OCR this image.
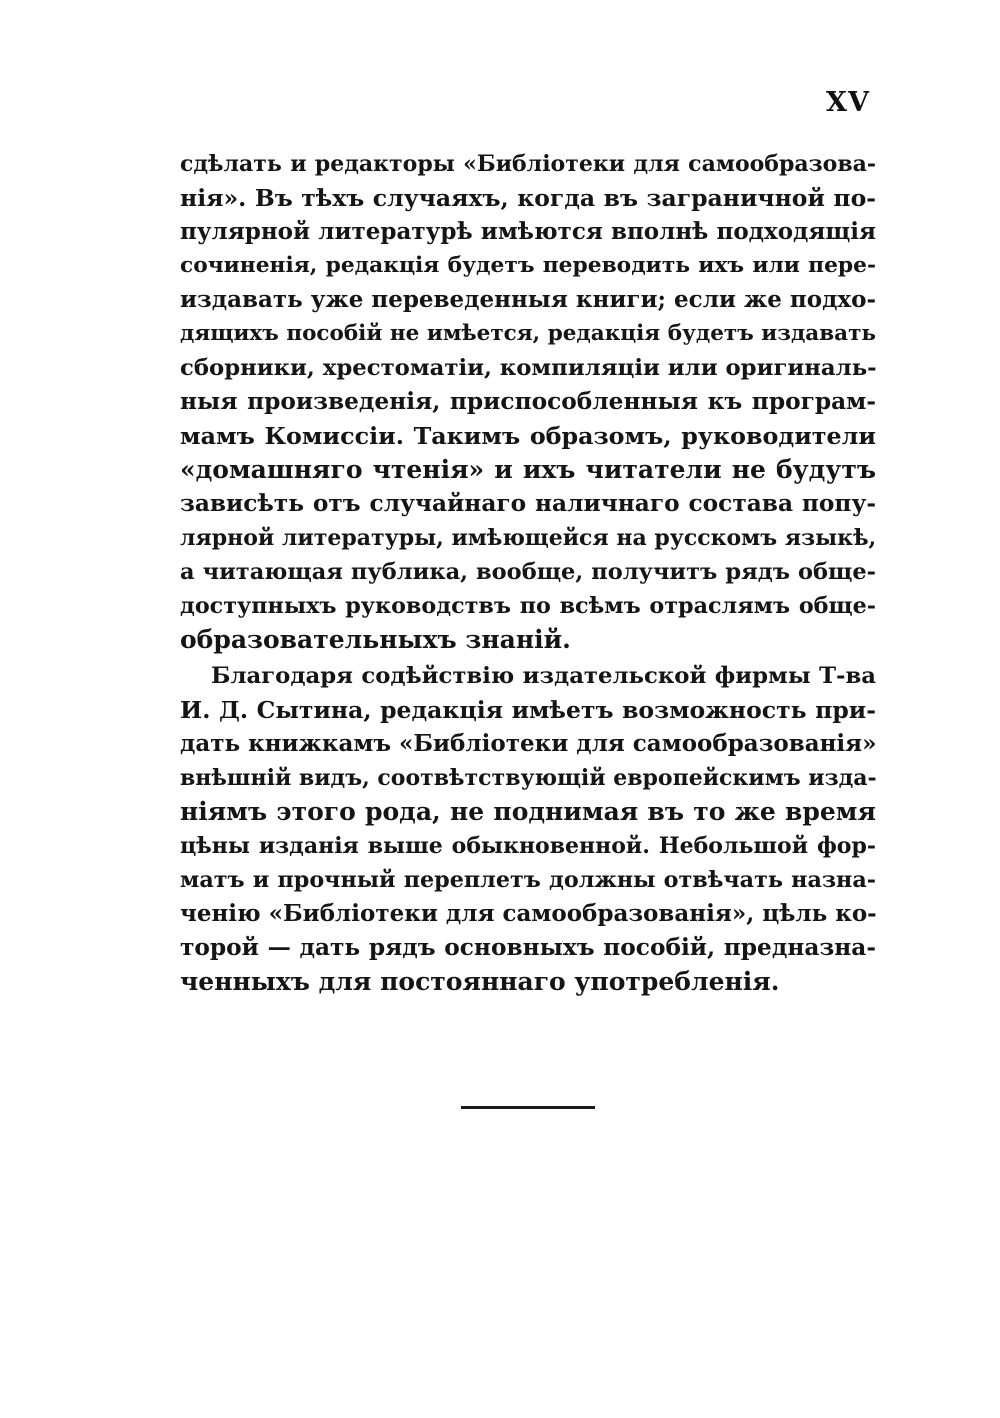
XV
сдѣлать и редакторы «Библіотеки для самообразова-
нія». Въ тѣхъ случаяхъ, когда въ заграничной по-
пулярной литературѣ имѣются вполнѣ подходящія
сочиненія, редакція будетъ переводить ихъ или пере-
издавать уже переведенныя книги; если же подхо-
дящихъ пособій не имѣется, редакція будетъ издавать
сборники, хрестоматіи, компиляціи или оригиналь-
ныя произведенія, приспособленныя къ програм-
мамъ Комиссіи. Такимъ образомъ, руководители
«домашняго чтенія» и ихъ читатели не будутъ
зависѣть отъ случайнаго наличнаго состава попу-
лярной литературы, имѣющейся на русскомъ языкѣ,
а читающая публика, вообще, получитъ рядъ обще-
доступныхъ руководствъ по всѣмъ отраслямъ обще-
образовательныхъ знаній.
Благодаря содѣйствію издательской фирмы Т-ва
И. Д. Сытина, редакція имѣетъ возможность при-
дать книжкамъ «Библіотеки для самообразованія»
внѣшній видъ, соотвѣтствующій европейскимъ изда-
ніямъ этого рода, не поднимая въ то же время
цѣны изданія выше обыкновенной. Небольшой фор-
матъ и прочный переплетъ должны отвѣчать назна-
ченію «Библіотеки для самообразованія», цѣль ко-
торой — дать рядъ основныхъ пособій, предназна-
ченныхъ для постояннаго употребленія.
